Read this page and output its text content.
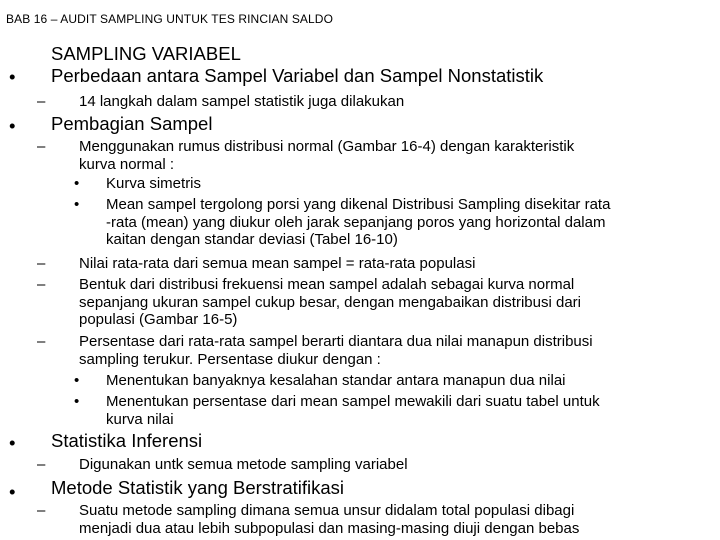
BAB 16 – AUDIT SAMPLING UNTUK TES RINCIAN SALDO
•
SAMPLING VARIABEL
Perbedaan antara Sampel Variabel dan Sampel Nonstatistik
– 14 langkah dalam sampel statistik juga dilakukan
• Pembagian Sampel
– Menggunakan rumus distribusi normal (Gambar 16-4) dengan karakteristik
kurva normal :
• Kurva simetris
• Mean sampel tergolong porsi yang dikenal Distribusi Sampling disekitar rata
-rata (mean) yang diukur oleh jarak sepanjang poros yang horizontal dalam
kaitan dengan standar deviasi (Tabel 16-10)
– Nilai rata-rata dari semua mean sampel = rata-rata populasi
– Bentuk dari distribusi frekuensi mean sampel adalah sebagai kurva normal
sepanjang ukuran sampel cukup besar, dengan mengabaikan distribusi dari
populasi (Gambar 16-5)
– Persentase dari rata-rata sampel berarti diantara dua nilai manapun distribusi
sampling terukur. Persentase diukur dengan :
• Menentukan banyaknya kesalahan standar antara manapun dua nilai
• Menentukan persentase dari mean sampel mewakili dari suatu tabel untuk
kurva nilai
• Statistika Inferensi
– Digunakan untk semua metode sampling variabel
• Metode Statistik yang Berstratifikasi
– Suatu metode sampling dimana semua unsur didalam total populasi dibagi
menjadi dua atau lebih subpopulasi dan masing-masing diuji dengan bebas
